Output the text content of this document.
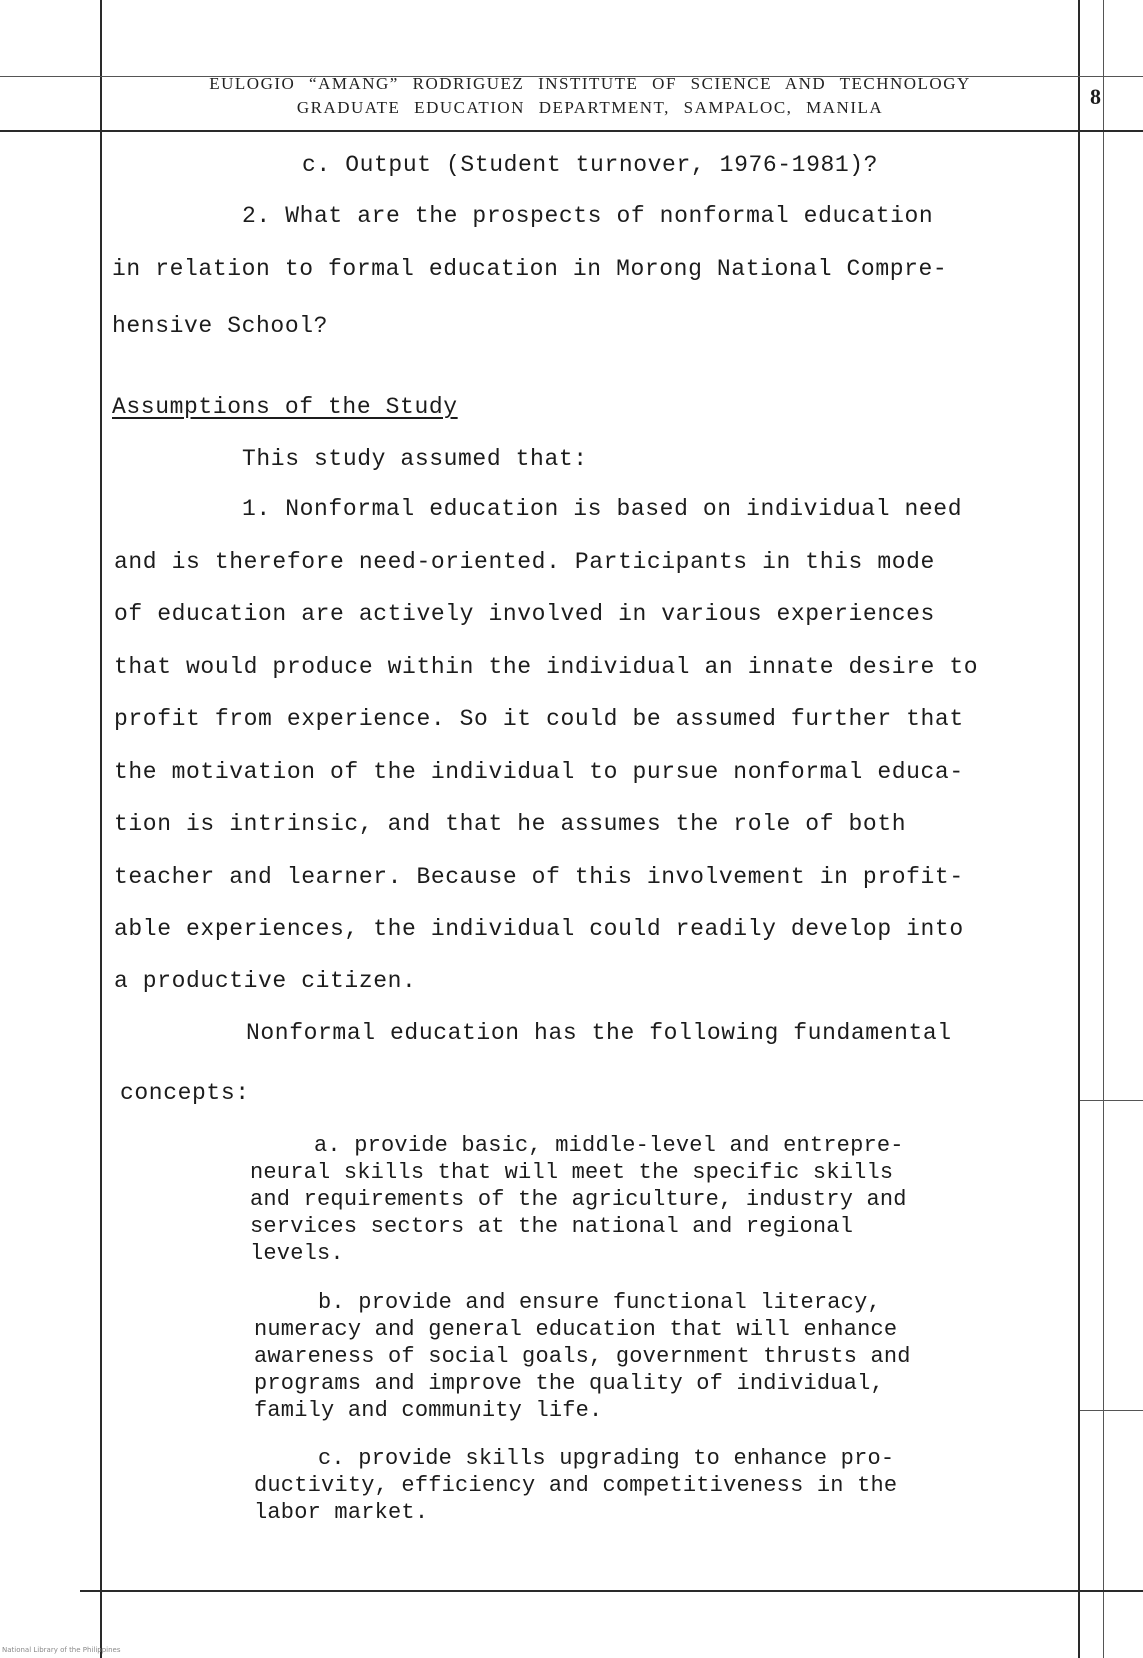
EULOGIO “AMANG” RODRIGUEZ INSTITUTE OF SCIENCE AND TECHNOLOGY
GRADUATE EDUCATION DEPARTMENT, SAMPALOC, MANILA	8
c. Output (Student turnover, 1976-1981)?
2. What are the prospects of nonformal education
in relation to formal education in Morong National Compre-
hensive School?
Assumptions of the Study
This study assumed that:
1. Nonformal education is based on individual need
and is therefore need-oriented. Participants in this mode
of education are actively involved in various experiences
that would produce within the individual an innate desire to
profit from experience. So it could be assumed further that
the motivation of the individual to pursue nonformal educa-
tion is intrinsic, and that he assumes the role of both
teacher and learner. Because of this involvement in profit-
able experiences, the individual could readily develop into
a productive citizen.
Nonformal education has the following fundamental
concepts:
a. provide basic, middle-level and entrepre-
neural skills that will meet the specific skills
and requirements of the agriculture, industry and
services sectors at the national and regional
levels.
b. provide and ensure functional literacy,
numeracy and general education that will enhance
awareness of social goals, government thrusts and
programs and improve the quality of individual,
family and community life.
c. provide skills upgrading to enhance pro-
ductivity, efficiency and competitiveness in the
labor market.
National Library of the Philippines
